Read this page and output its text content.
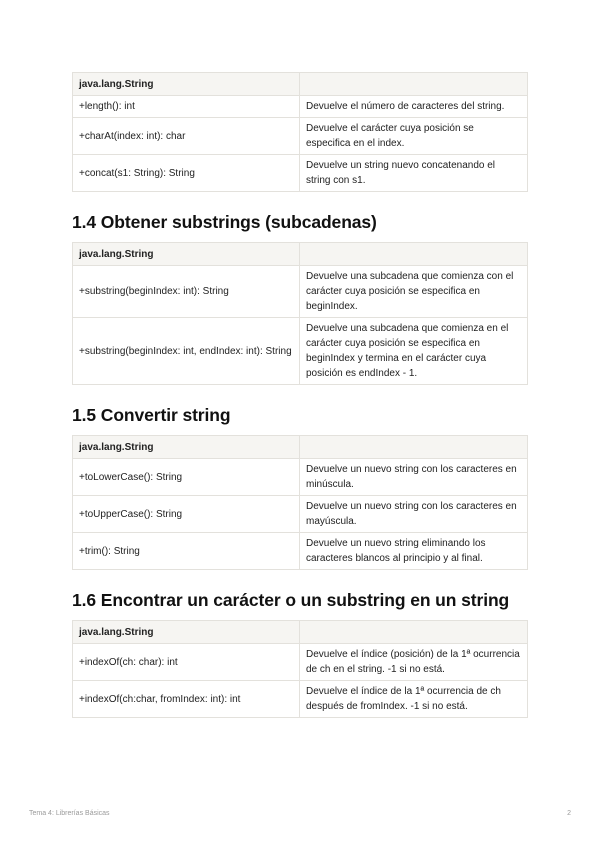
java.lang.String	
+length(): int	Devuelve el número de caracteres del string.
+charAt(index: int): char	Devuelve el carácter cuya posición se especifica en el index.
+concat(s1: String): String	Devuelve un string nuevo concatenando el string con s1.
1.4 Obtener substrings (subcadenas)
java.lang.String	
+substring(beginIndex: int): String	Devuelve una subcadena que comienza con el carácter cuya posición se especifica en beginIndex.
+substring(beginIndex: int, endIndex: int): String	Devuelve una subcadena que comienza en el carácter cuya posición se especifica en beginIndex y termina en el carácter cuya posición es endIndex - 1.
1.5 Convertir string
java.lang.String	
+toLowerCase(): String	Devuelve un nuevo string con los caracteres en minúscula.
+toUpperCase(): String	Devuelve un nuevo string con los caracteres en mayúscula.
+trim(): String	Devuelve un nuevo string eliminando los caracteres blancos al principio y al final.
1.6 Encontrar un carácter o un substring en un string
java.lang.String	
+indexOf(ch: char): int	Devuelve el índice (posición) de la 1ª ocurrencia de ch en el string. -1 si no está.
+indexOf(ch:char, fromIndex: int): int	Devuelve el índice de la 1ª ocurrencia de ch después de fromIndex. -1 si no está.
Tema 4: Librerías Básicas	2
